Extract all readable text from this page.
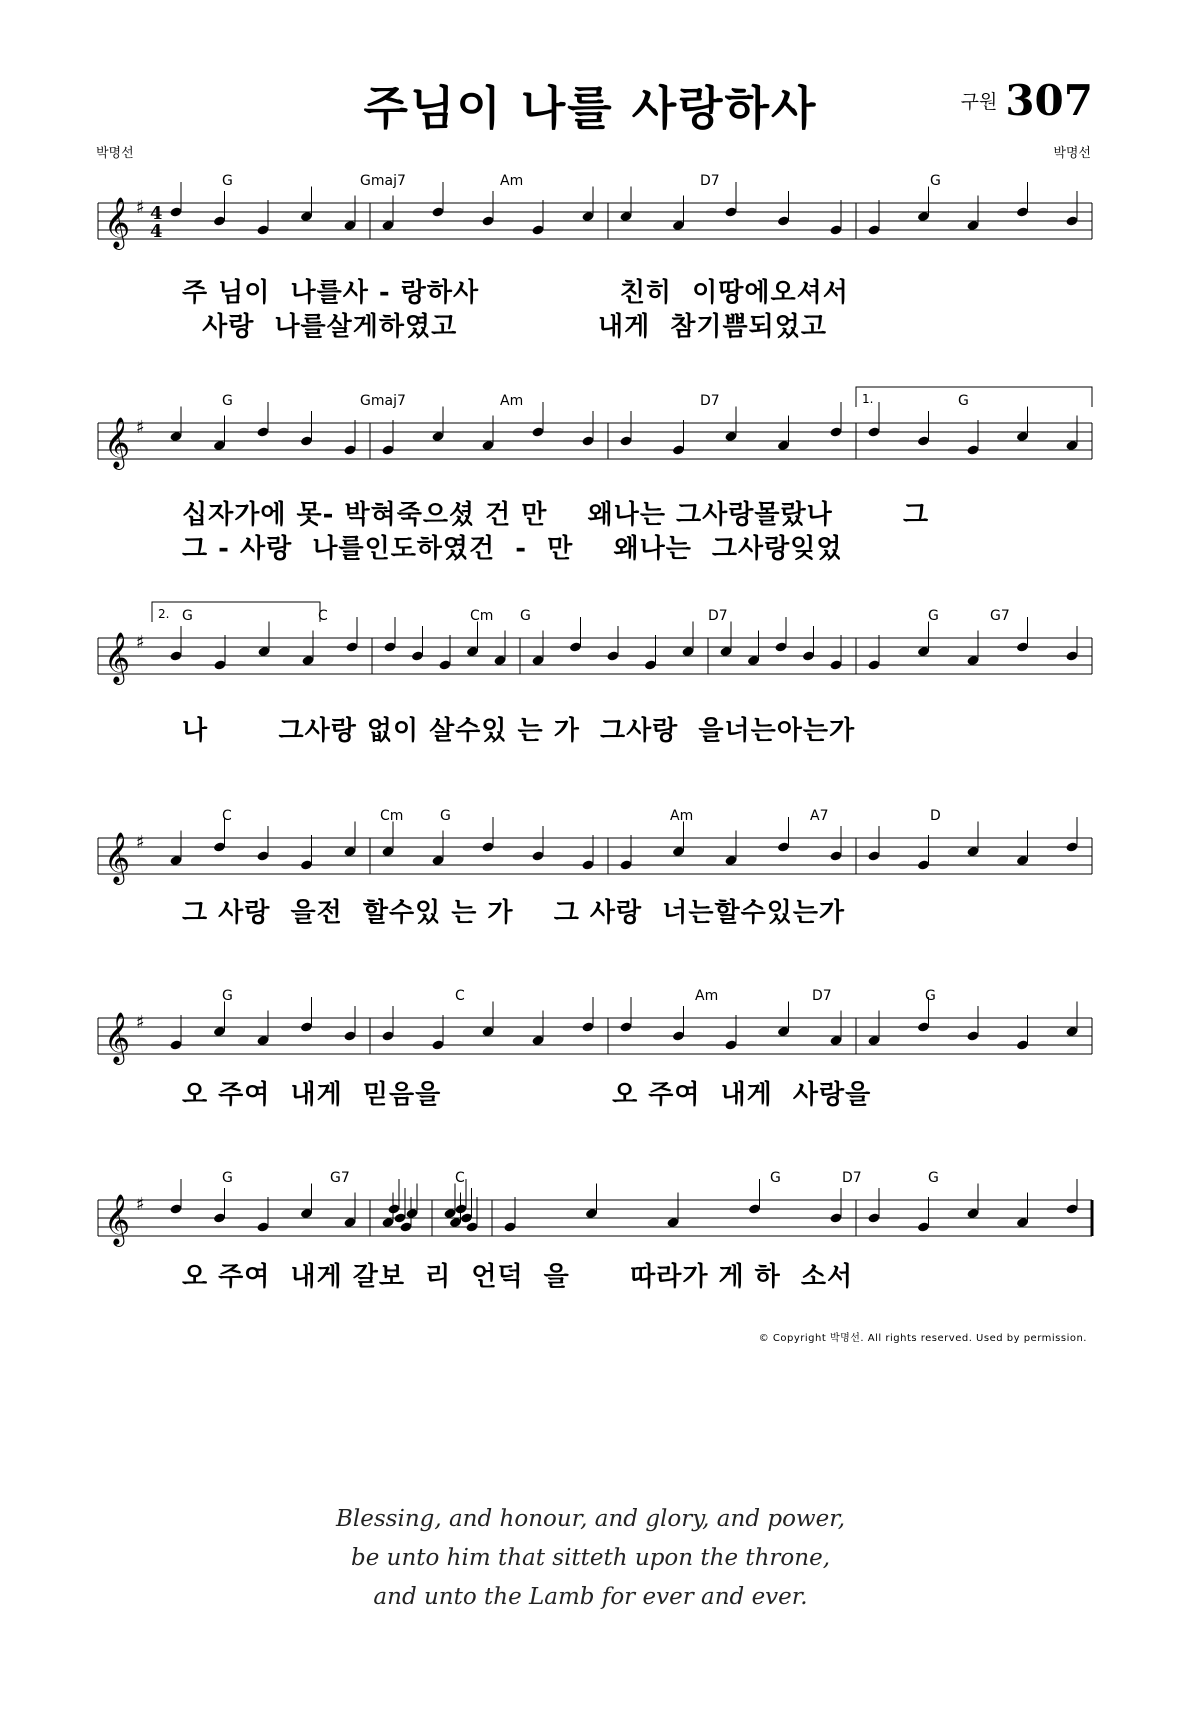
주님이 나를 사랑하사	구원 307
박명선	박명선
𝄞 ♯
G	Gmaj7	Am	D7	G
4
4
𝄞 ♯
G	Gmaj7	Am	D7	G
1.
𝄞 ♯
G	C	Cm G	D7	G	G7
2.
𝄞 ♯
C	Cm	G	Am	A7	D
𝄞 ♯
G	C	Am	D7	G
𝄞 ♯
G	G7	C	G	D7	G
주 님이  나를사 - 랑하사              친히  이땅에오셔서
사랑  나를살게하였고              내게  참기쁨되었고
십자가에 못- 박혀죽으셨 건 만    왜나는 그사랑몰랐나       그
그 - 사랑  나를인도하였건  -  만    왜나는  그사랑잊었
나       그사랑 없이 살수있 는 가  그사랑  을너는아는가
그 사랑  을전  할수있 는 가    그 사랑  너는할수있는가
오 주여  내게  믿음을                 오 주여  내게  사랑을
오 주여  내게 갈보  리  언덕  을      따라가 게 하  소서
© Copyright 박명선. All rights reserved. Used by permission.
Blessing, and honour, and glory, and power,
be unto him that sitteth upon the throne,
and unto the Lamb for ever and ever.
